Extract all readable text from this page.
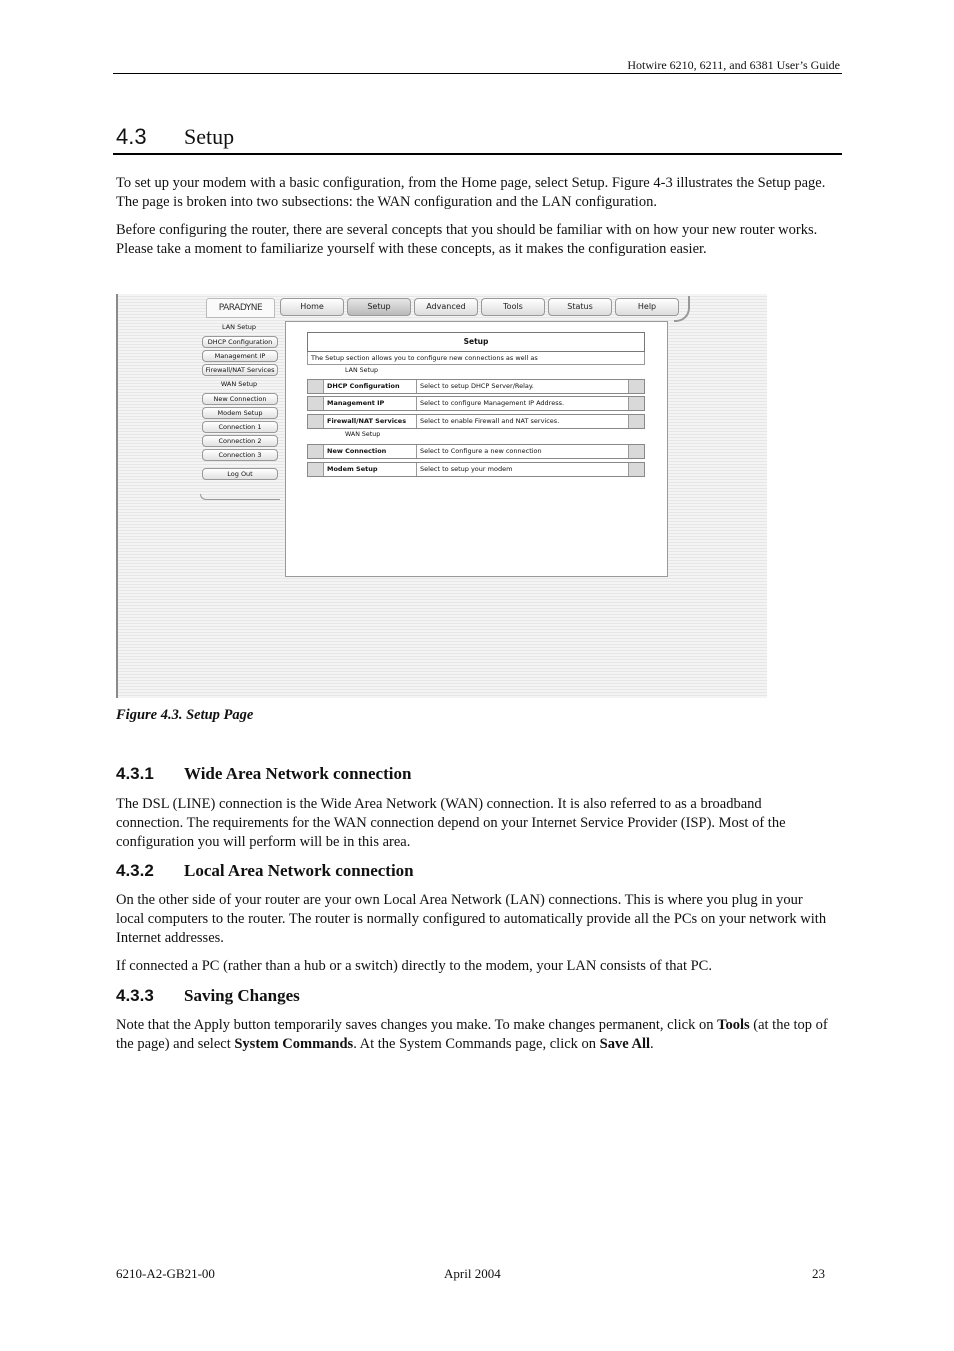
Hotwire 6210, 6211, and 6381 User’s Guide
4.3 Setup

To set up your modem with a basic configuration, from the Home page, select Setup. Figure 4-3 illustrates the Setup page. The page is broken into two subsections: the WAN configuration and the LAN configuration.

Before configuring the router, there are several concepts that you should be familiar with on how your new router works. Please take a moment to familiarize yourself with these concepts, as it makes the configuration easier.

PARADYNE	Home	Setup	Advanced	Tools	Status	Help
LAN Setup
DHCP Configuration
Management IP
Firewall/NAT Services
WAN Setup
New Connection
Modem Setup
Connection 1
Connection 2
Connection 3
Log Out
Setup
The Setup section allows you to configure new connections as well as
LAN Setup
DHCP Configuration	Select to setup DHCP Server/Relay.
Management IP	Select to configure Management IP Address.
Firewall/NAT Services	Select to enable Firewall and NAT services.
WAN Setup
New Connection	Select to Configure a new connection
Modem Setup	Select to setup your modem
Figure 4.3. Setup Page
4.3.1 Wide Area Network connection

The DSL (LINE) connection is the Wide Area Network (WAN) connection. It is also referred to as a broadband connection. The requirements for the WAN connection depend on your Internet Service Provider (ISP). Most of the configuration you will perform will be in this area.

4.3.2 Local Area Network connection

On the other side of your router are your own Local Area Network (LAN) connections. This is where you plug in your local computers to the router. The router is normally configured to automatically provide all the PCs on your network with Internet addresses.

If connected a PC (rather than a hub or a switch) directly to the modem, your LAN consists of that PC.

4.3.3 Saving Changes

Note that the Apply button temporarily saves changes you make. To make changes permanent, click on Tools (at the top of the page) and select System Commands. At the System Commands page, click on Save All.

6210-A2-GB21-00	April 2004	23
